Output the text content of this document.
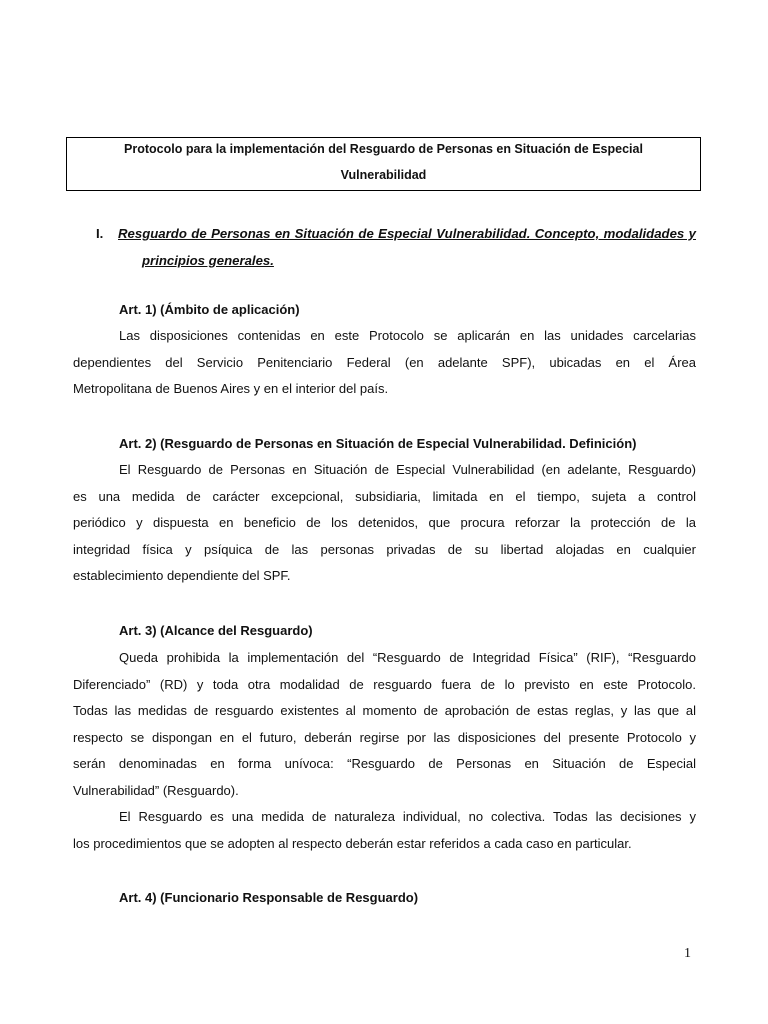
Protocolo para la implementación del Resguardo de Personas en Situación de Especial
Vulnerabilidad
I. Resguardo de Personas en Situación de Especial Vulnerabilidad. Concepto, modalidades y
principios generales.
Art. 1) (Ámbito de aplicación)
Las disposiciones contenidas en este Protocolo se aplicarán en las unidades carcelarias
dependientes del Servicio Penitenciario Federal (en adelante SPF), ubicadas en el Área
Metropolitana de Buenos Aires y en el interior del país.
Art. 2) (Resguardo de Personas en Situación de Especial Vulnerabilidad. Definición)
El Resguardo de Personas en Situación de Especial Vulnerabilidad (en adelante, Resguardo)
es una medida de carácter excepcional, subsidiaria, limitada en el tiempo, sujeta a control
periódico y dispuesta en beneficio de los detenidos, que procura reforzar la protección de la
integridad física y psíquica de las personas privadas de su libertad alojadas en cualquier
establecimiento dependiente del SPF.
Art. 3) (Alcance del Resguardo)
Queda prohibida la implementación del “Resguardo de Integridad Física” (RIF), “Resguardo
Diferenciado” (RD) y toda otra modalidad de resguardo fuera de lo previsto en este Protocolo.
Todas las medidas de resguardo existentes al momento de aprobación de estas reglas, y las que al
respecto se dispongan en el futuro, deberán regirse por las disposiciones del presente Protocolo y
serán denominadas en forma unívoca: “Resguardo de Personas en Situación de Especial
Vulnerabilidad” (Resguardo).
El Resguardo es una medida de naturaleza individual, no colectiva. Todas las decisiones y
los procedimientos que se adopten al respecto deberán estar referidos a cada caso en particular.
Art. 4) (Funcionario Responsable de Resguardo)
1
